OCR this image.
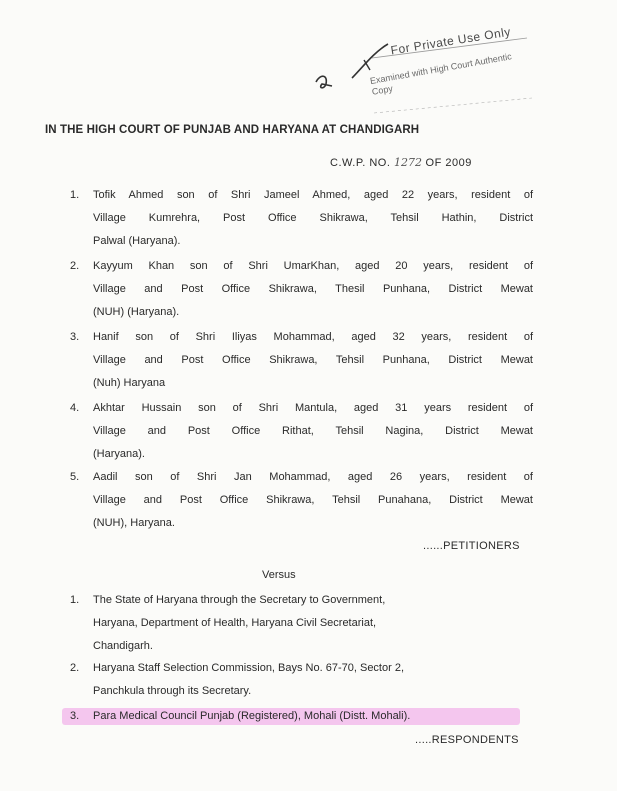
For Private Use Only
Examined with High Court Authentic Copy
IN THE HIGH COURT OF PUNJAB AND HARYANA AT CHANDIGARH
C.W.P. NO. 1272 OF 2009
1. Tofik Ahmed son of Shri Jameel Ahmed, aged 22 years, resident of
Village Kumrehra, Post Office Shikrawa, Tehsil Hathin, District
Palwal (Haryana).
2. Kayyum Khan son of Shri UmarKhan, aged 20 years, resident of
Village and Post Office Shikrawa, Thesil Punhana, District Mewat
(NUH) (Haryana).
3. Hanif son of Shri Iliyas Mohammad, aged 32 years, resident of
Village and Post Office Shikrawa, Tehsil Punhana, District Mewat
(Nuh) Haryana
4. Akhtar Hussain son of Shri Mantula, aged 31 years resident of
Village and Post Office Rithat, Tehsil Nagina, District Mewat
(Haryana).
5. Aadil son of Shri Jan Mohammad, aged 26 years, resident of
Village and Post Office Shikrawa, Tehsil Punahana, District Mewat
(NUH), Haryana.
......PETITIONERS
Versus
1. The State of Haryana through the Secretary to Government,
Haryana, Department of Health, Haryana Civil Secretariat,
Chandigarh.
2. Haryana Staff Selection Commission, Bays No. 67-70, Sector 2,
Panchkula through its Secretary.
3. Para Medical Council Punjab (Registered), Mohali (Distt. Mohali).
.....RESPONDENTS
